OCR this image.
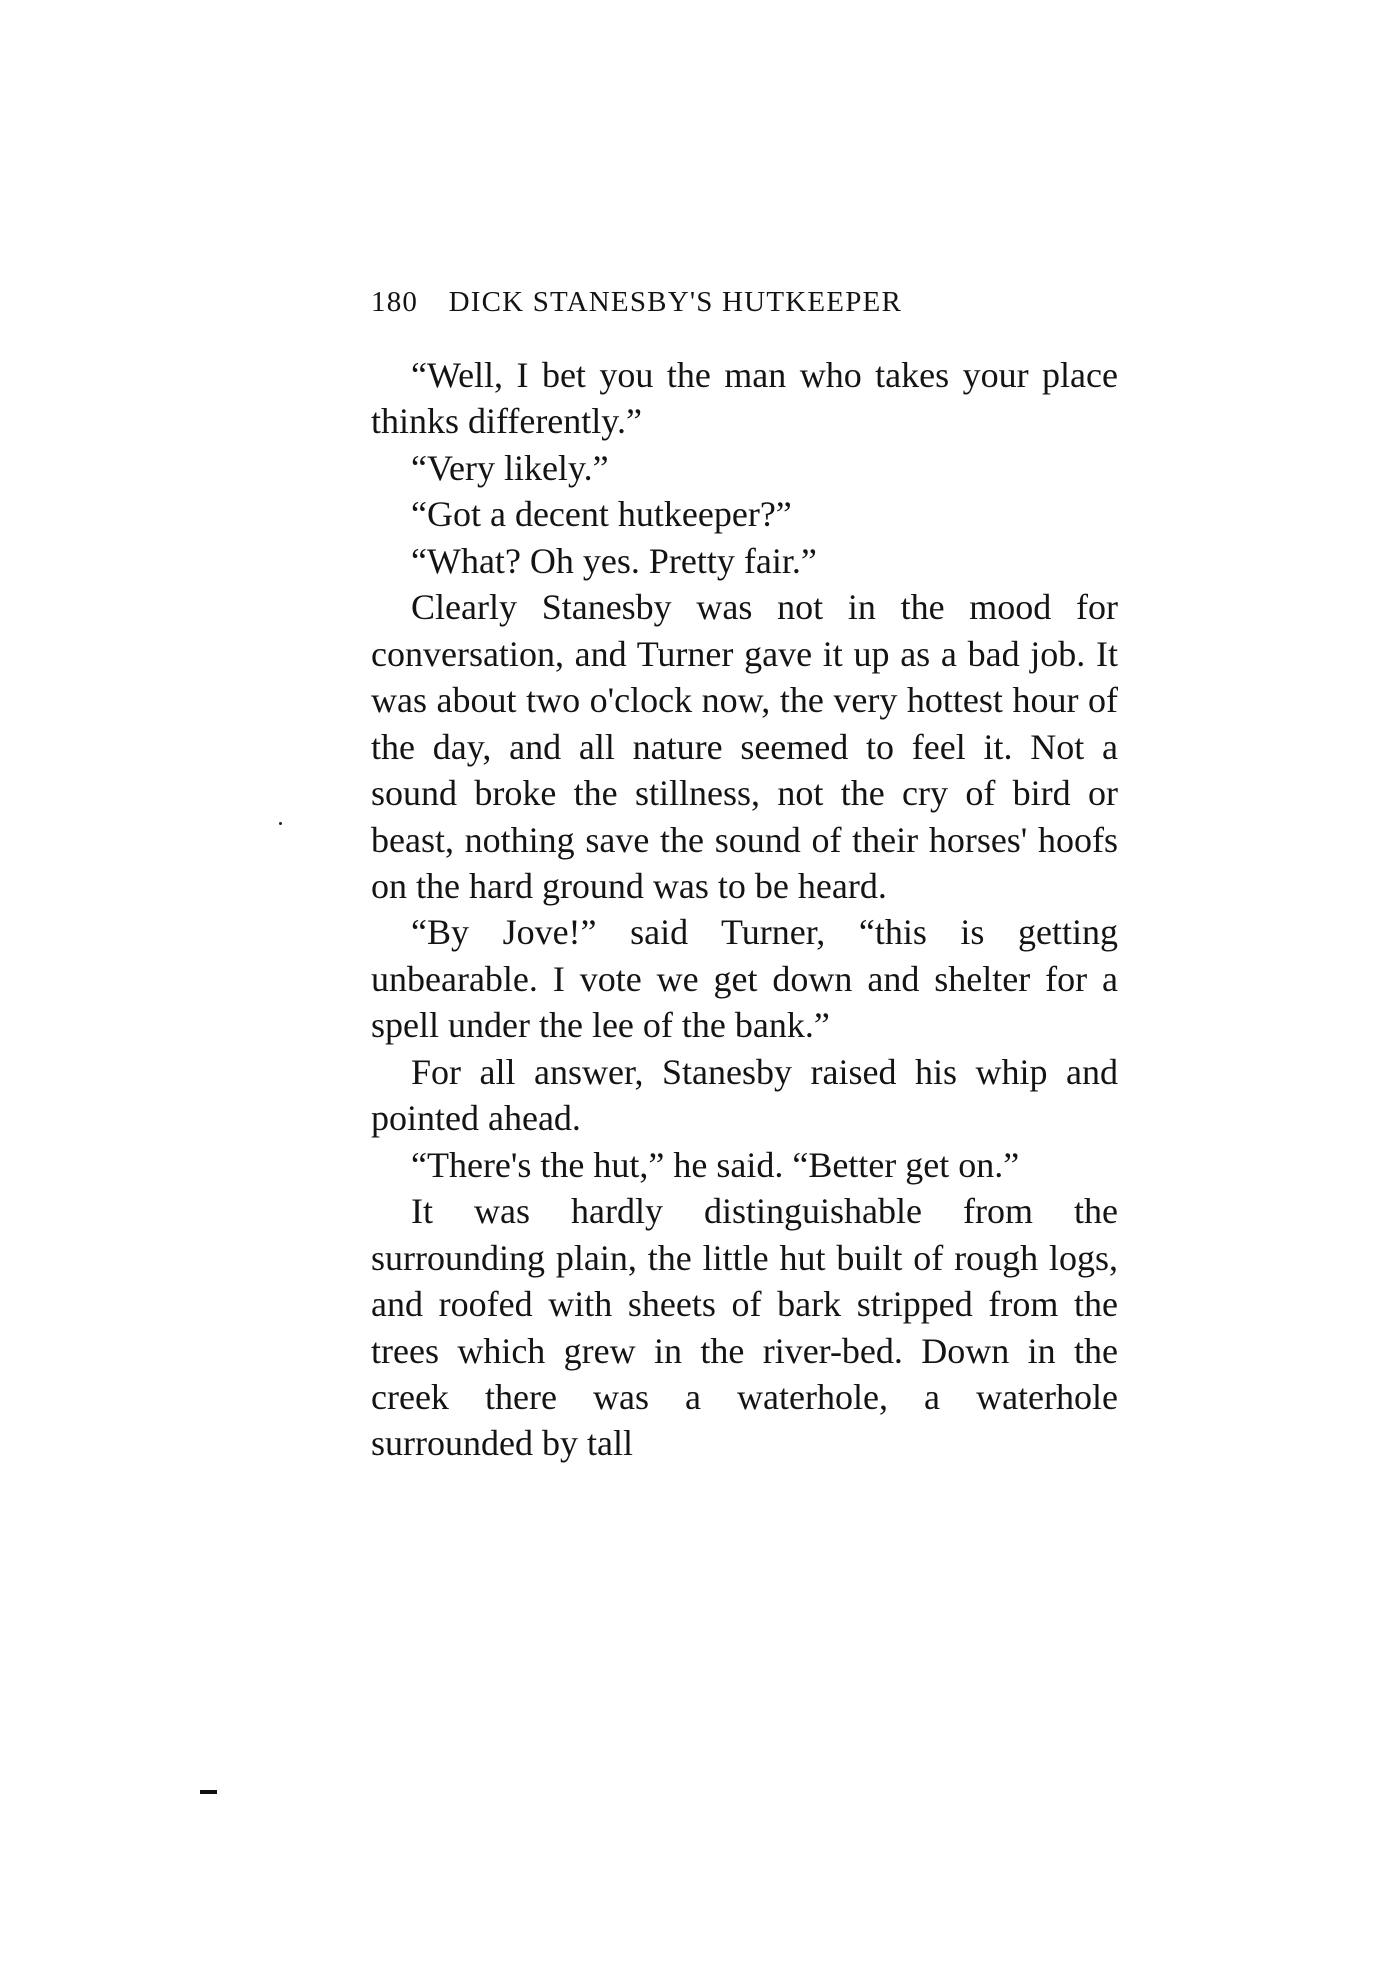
180 DICK STANESBY'S HUTKEEPER

“Well, I bet you the man who takes your place thinks differently.”

“Very likely.”

“Got a decent hutkeeper?”

“What? Oh yes. Pretty fair.”

Clearly Stanesby was not in the mood for conversation, and Turner gave it up as a bad job. It was about two o'clock now, the very hottest hour of the day, and all nature seemed to feel it. Not a sound broke the stillness, not the cry of bird or beast, nothing save the sound of their horses' hoofs on the hard ground was to be heard.

“By Jove!” said Turner, “this is getting unbearable. I vote we get down and shelter for a spell under the lee of the bank.”

For all answer, Stanesby raised his whip and pointed ahead.

“There's the hut,” he said. “Better get on.”

It was hardly distinguishable from the surrounding plain, the little hut built of rough logs, and roofed with sheets of bark stripped from the trees which grew in the river-bed. Down in the creek there was a waterhole, a waterhole surrounded by tall
